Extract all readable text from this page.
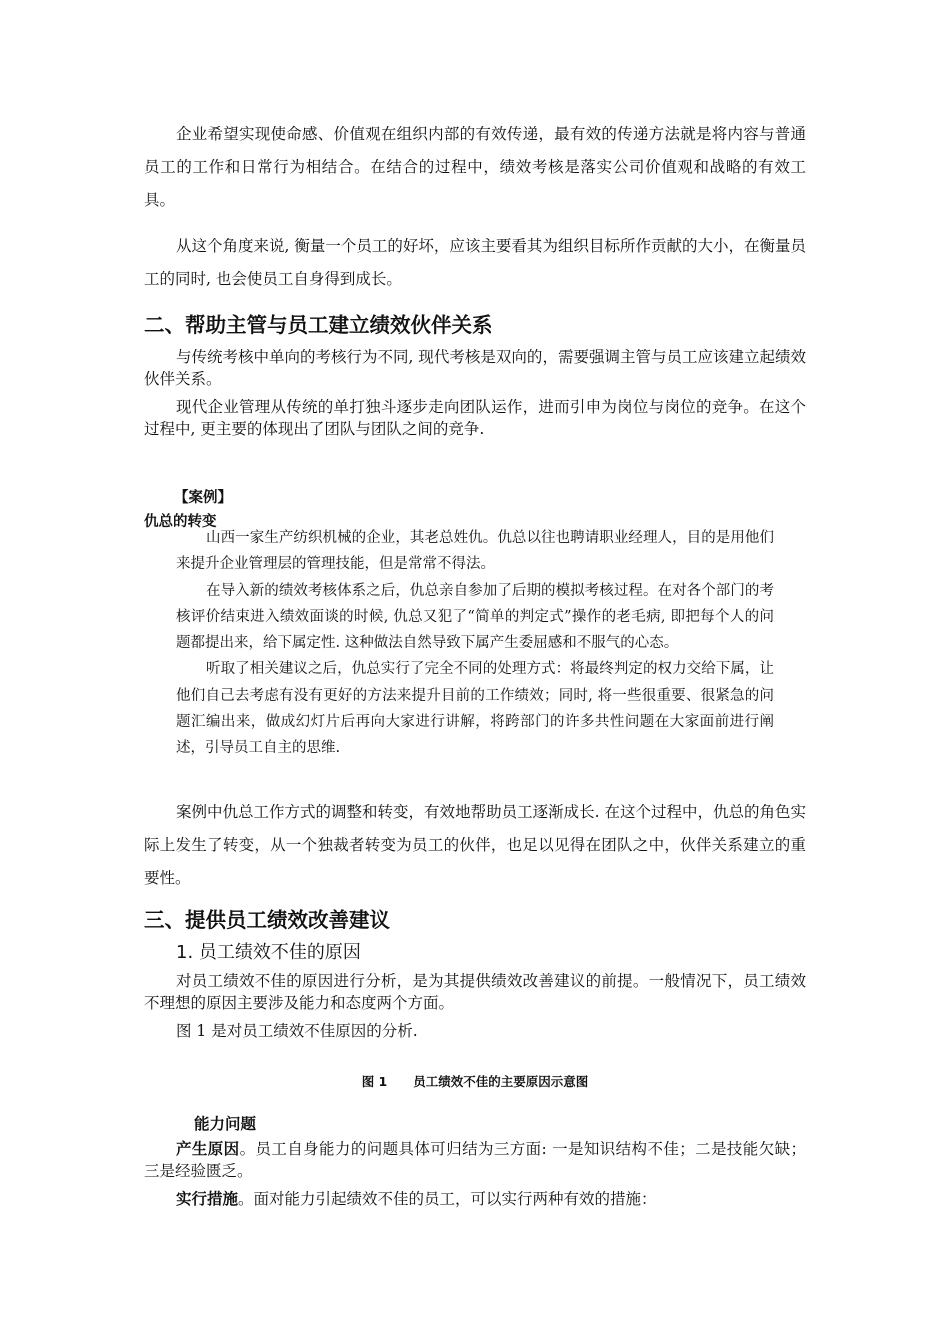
企业希望实现使命感、价值观在组织内部的有效传递，最有效的传递方法就是将内容与普通员工的工作和日常行为相结合。在结合的过程中，绩效考核是落实公司价值观和战略的有效工具。

从这个角度来说, 衡量一个员工的好坏，应该主要看其为组织目标所作贡献的大小，在衡量员工的同时, 也会使员工自身得到成长。

二、帮助主管与员工建立绩效伙伴关系

与传统考核中单向的考核行为不同, 现代考核是双向的，需要强调主管与员工应该建立起绩效伙伴关系。

现代企业管理从传统的单打独斗逐步走向团队运作，进而引申为岗位与岗位的竞争。在这个过程中, 更主要的体现出了团队与团队之间的竞争.

【案例】
仇总的转变

山西一家生产纺织机械的企业，其老总姓仇。仇总以往也聘请职业经理人，目的是用他们来提升企业管理层的管理技能，但是常常不得法。

在导入新的绩效考核体系之后，仇总亲自参加了后期的模拟考核过程。在对各个部门的考核评价结束进入绩效面谈的时候, 仇总又犯了“简单的判定式”操作的老毛病, 即把每个人的问题都提出来，给下属定性. 这种做法自然导致下属产生委屈感和不服气的心态。

听取了相关建议之后，仇总实行了完全不同的处理方式：将最终判定的权力交给下属，让他们自己去考虑有没有更好的方法来提升目前的工作绩效；同时, 将一些很重要、很紧急的问题汇编出来，做成幻灯片后再向大家进行讲解，将跨部门的许多共性问题在大家面前进行阐述，引导员工自主的思维.

案例中仇总工作方式的调整和转变，有效地帮助员工逐渐成长. 在这个过程中，仇总的角色实际上发生了转变，从一个独裁者转变为员工的伙伴，也足以见得在团队之中，伙伴关系建立的重要性。

三、提供员工绩效改善建议
1. 员工绩效不佳的原因

对员工绩效不佳的原因进行分析，是为其提供绩效改善建议的前提。一般情况下，员工绩效不理想的原因主要涉及能力和态度两个方面。

图 1 是对员工绩效不佳原因的分析.

图 1 员工绩效不佳的主要原因示意图
能力问题

产生原因。员工自身能力的问题具体可归结为三方面: 一是知识结构不佳；二是技能欠缺；三是经验匮乏。

实行措施。面对能力引起绩效不佳的员工，可以实行两种有效的措施：
